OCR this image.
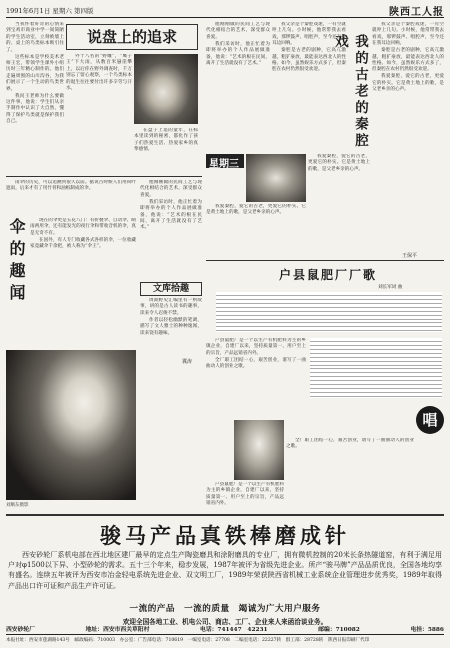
1991年6月1日 星期六 第四版	陕西工人报

当我怀着好奇的心情来到宝鸡市商业中学一间简陋的学生活动室，立刻被墙上的、桌上的鸟类标本吸引住了。

这些标本是学校美术老师王宏，带领学生课外小组历时三年精心制作的。他们走遍周围的山川沟谷，为我们展示了一个生动的鸟类世界。

我问王老师为什么要做这件事，他说：学生们从亲手制作中认识了大自然，懂得了保护鸟类就是保护我们自己。

说盘上的追求

外十八名的“野雕”，“鹰子王”下大雨，从数百米悬崖攀上，以后你在野外调查时，千万别忘了留心观察，一个鸟类标本的诞生往往要付出许多辛劳与汗水。

在盘子上追的童年，在标本里读到的秘密，都化作了孩子们热爱生活、热爱家乡的真挚感情。

伞的趣闻

雨伞的历史，可以追溯到很久以前。据说古时候人们用荷叶遮雨，后来才有了用竹骨和油纸制成的伞。

现在的伞更是五花八门：有折叠伞、自动伞、晴雨两用伞，还有能发光的夜行伞和带收音机的伞，真是无奇不有。

在国外，有人专门收藏各式各样的伞，一位收藏家竟藏伞千余把，被人称为“伞王”。

他刚刚做的民间工艺与现代化相结合的艺术，深受群众喜爱。

我们采访时，他正忙着为即将举办的个人作品展做准备，他说：“艺术的根在民间，离开了生活就没有了艺术。”

文库拾趣

周期野史汇编里有一则故事，讲的是古人读书的趣事，读来令人忍俊不禁。

作者以轻松幽默的笔调，描写了文人雅士的种种逸闻，读来饶有趣味。

冀涛
刘顺东摄影

他刚刚做的民间工艺与现代化相结合的艺术，深受群众喜爱。

我们采访时，他正忙着为即将举办的个人作品展做准备，他说：“艺术的根在民间，离开了生活就没有了艺术。”

我父亲是个秦腔戏迷，一有空就哼上几句。小时候，他常带我去看戏，那锣鼓声、唱腔声，至今还在我耳边回响。

秦腔是古老的剧种，它高亢激越，粗犷豪放，最能表达西北人的性格。如今，虽然娱乐方式多了，但秦腔在农村仍然很受欢迎。

星期三

我爱秦腔，爱它的古老，更爱它的朴实。它是黄土地上的歌，是父老乡亲的心声。

我的古老的秦腔戏

我父亲是个秦腔戏迷，一有空就哼上几句。小时候，他常带我去看戏，那锣鼓声、唱腔声，至今还在我耳边回响。

秦腔是古老的剧种，它高亢激越，粗犷豪放，最能表达西北人的性格。如今，虽然娱乐方式多了，但秦腔在农村仍然很受欢迎。

我爱秦腔，爱它的古老，更爱它的朴实。它是黄土地上的歌，是父老乡亲的心声。

王保平

我爱秦腔，爱它的古老，更爱它的朴实。它是黄土地上的歌，是父老乡亲的心声。

户县鼠肥厂厂歌
刘长军词 曲

户县鼠肥厂是一个以生产有机肥料为主的乡镇企业，自建厂以来，坚持质量第一、用户至上的宗旨，产品远销省内外。

全厂职工团结一心，艰苦创业，谱写了一曲曲动人的创业之歌。

唱

全厂职工团结一心，艰苦创业，谱写了一曲曲动人的创业之歌。

户县鼠肥厂是一个以生产有机肥料为主的乡镇企业，自建厂以来，坚持质量第一、用户至上的宗旨，产品远销省内外。

骏马产品真铁棒磨成针
西安砂轮厂系机电部在西北地区建厂最早的定点生产陶瓷磨具和涂附磨具的专业厂，拥有微机控制的20米长条热隧道窑，有利于满足用户对φ1500以下异、小型砂轮的需求。五十三个年来，稳步发展，1987年被评为省级先进企业。所产“骏马牌”产品品质优良，全国各地均享有盛名。连续五年被评为西安市冶金轻电系统先进企业、双文明工厂，1989年荣获陕西省机械工业系统企业管理进步优秀奖，1989年取得产品出口许可证和产品生产许可证。
一流的产品　一流的质量　竭诚为广大用户服务
欢迎全国各地工业、机电公司、商店、工厂、企业来人来函洽谈业务。
西安砂轮厂	地址：西安市西关草阳村	电话：741447　42231	邮编：710082	电挂：5886
本报社址：西安市莲湖路143号　邮政编码：710003　办公室：广告部电话：710619　一编室电话：27708　二编室电话：22227转　群工部：28728转　陕西日报印刷厂代印
